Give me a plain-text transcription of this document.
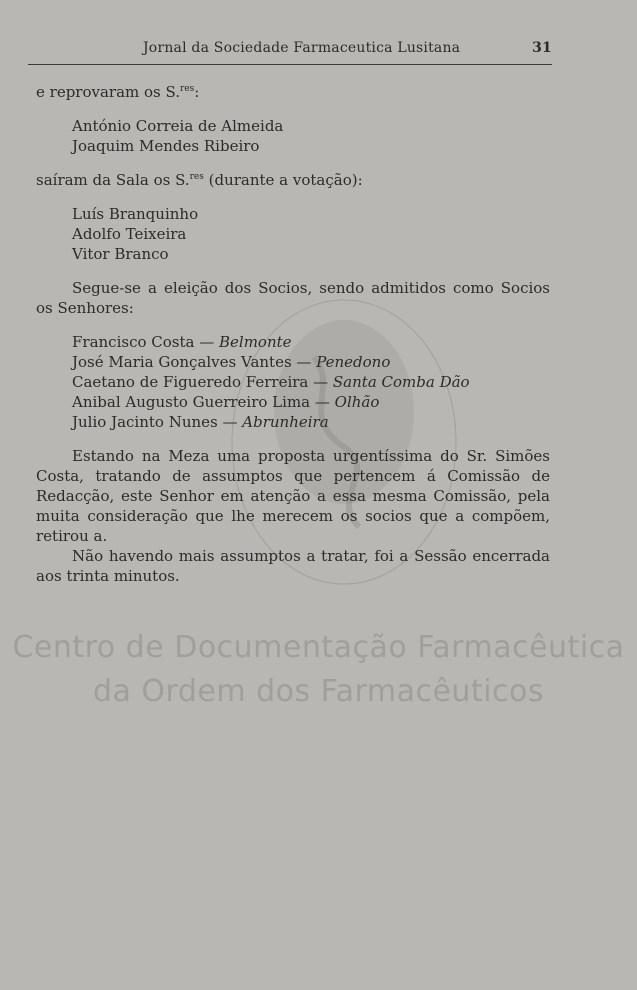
Jornal da Sociedade Farmaceutica Lusitana	31

e reprovaram os S.$^{res}$:

António Correia de Almeida

Joaquim Mendes Ribeiro

saíram da Sala os S.$^{res}$ (durante a votação):

Luís Branquinho

Adolfo Teixeira

Vitor Branco

Segue-se a eleição dos Socios, sendo admitidos como Socios os Senhores:

Francisco Costa — Belmonte

José Maria Gonçalves Vantes — Penedono

Caetano de Figueredo Ferreira — Santa Comba Dão

Anibal Augusto Guerreiro Lima — Olhão

Julio Jacinto Nunes — Abrunheira

Estando na Meza uma proposta urgentíssima do Sr. Simões Costa, tratando de assumptos que pertencem á Comissão de Redacção, este Senhor em atenção a essa mesma Comissão, pela muita consideração que lhe merecem os socios que a compõem, retirou a.

Não havendo mais assumptos a tratar, foi a Sessão encerrada aos trinta minutos.

Centro de Documentação Farmacêutica
da Ordem dos Farmacêuticos
